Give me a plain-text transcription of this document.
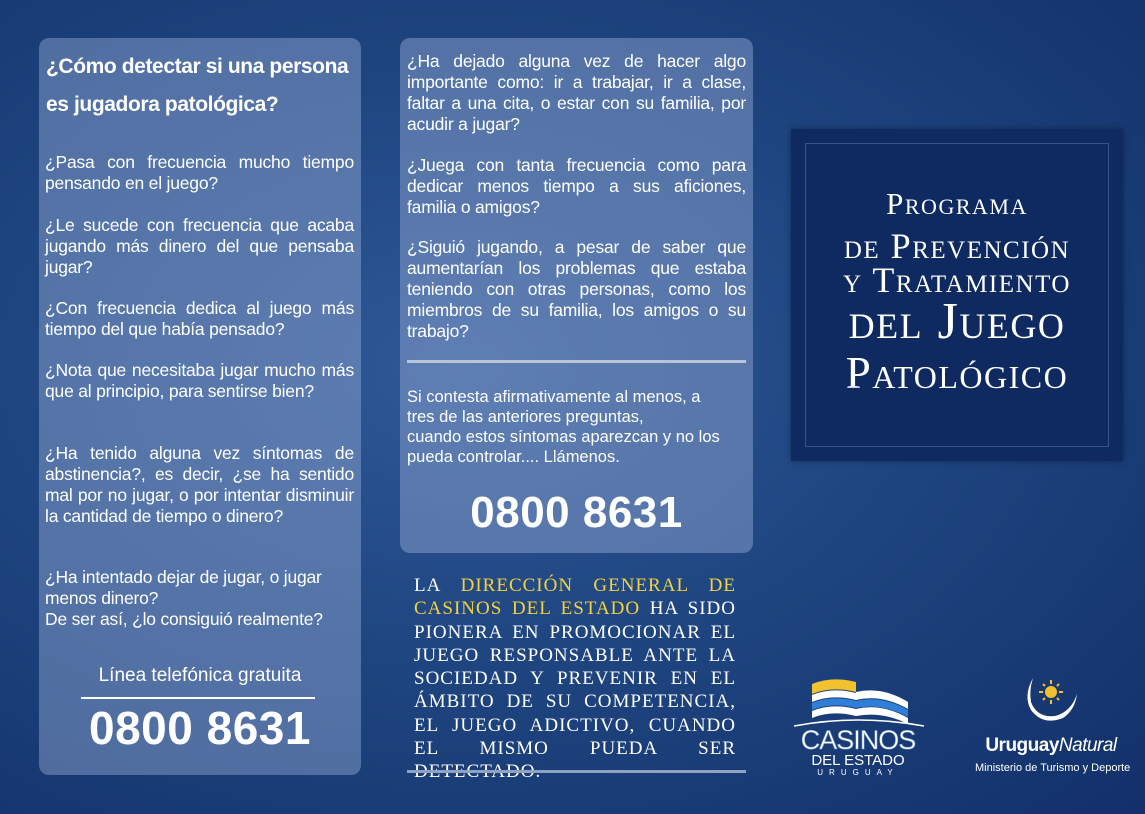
¿Cómo detectar si una persona
es jugadora patológica?
¿Pasa con frecuencia mucho tiempo pensando en el juego?
¿Le sucede con frecuencia que acaba jugando más dinero del que pensaba jugar?
¿Con frecuencia dedica al juego más tiempo del que había pensado?
¿Nota que necesitaba jugar mucho más que al principio, para sentirse bien?
¿Ha tenido alguna vez síntomas de abstinencia?, es decir, ¿se ha sentido mal por no jugar, o por intentar disminuir la cantidad de tiempo o dinero?
¿Ha intentado dejar de jugar, o jugar menos dinero?
De ser así, ¿lo consiguió realmente?
Línea telefónica gratuita
0800 8631
¿Ha dejado alguna vez de hacer algo importante como: ir a trabajar, ir a clase, faltar a una cita, o estar con su familia, por acudir a jugar?
¿Juega con tanta frecuencia como para dedicar menos tiempo a sus aficiones, familia o amigos?
¿Siguió jugando, a pesar de saber que aumentarían los problemas que estaba teniendo con otras personas, como los miembros de su familia, los amigos o su trabajo?
Si contesta afirmativamente al menos, a
tres de las anteriores preguntas,
cuando estos síntomas aparezcan y no los
pueda controlar.... Llámenos.
0800 8631
LA DIRECCIÓN GENERAL DE CASINOS DEL ESTADO HA SIDO PIONERA EN PROMOCIONAR EL JUEGO RESPONSABLE ANTE LA SOCIEDAD Y PREVENIR EN EL ÁMBITO DE SU COMPETENCIA, EL JUEGO ADICTIVO, CUANDO EL MISMO PUEDA SER
Programa
de Prevención
y Tratamiento
del Juego
Patológico
CASINOS
DEL ESTADO
URUGUAY
UruguayNatural
Ministerio de Turismo y Deporte
